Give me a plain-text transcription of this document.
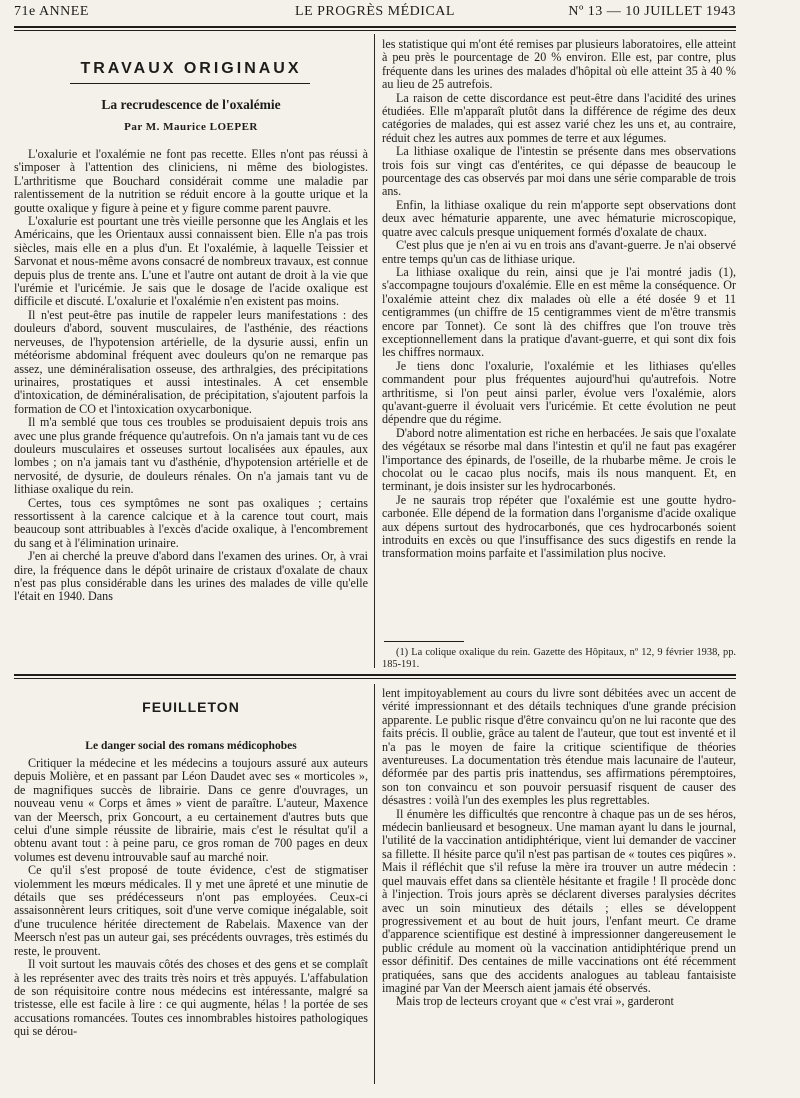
LE PROGRÈS MÉDICAL
71e ANNEE	Nº 13 — 10 JUILLET 1943
TRAVAUX ORIGINAUX
La recrudescence de l'oxalémie
Par M. Maurice LOEPER

L'oxalurie et l'oxalémie ne font pas recette. Elles n'ont pas réussi à s'imposer à l'attention des cliniciens, ni même des biologistes. L'arthritisme que Bouchard considérait comme une maladie par ralentissement de la nutrition se réduit encore à la goutte urique et la goutte oxalique y figure à peine et y figure comme parent pauvre.

L'oxalurie est pourtant une très vieille personne que les Anglais et les Américains, que les Orientaux aussi connaissent bien. Elle n'a pas trois siècles, mais elle en a plus d'un. Et l'oxalémie, à laquelle Teissier et Sarvonat et nous-même avons consacré de nombreux travaux, est connue depuis plus de trente ans. L'une et l'autre ont autant de droit à la vie que l'urémie et l'uricémie. Je sais que le dosage de l'acide oxalique est difficile et discuté. L'oxalurie et l'oxalémie n'en existent pas moins.

Il n'est peut-être pas inutile de rappeler leurs manifestations : des douleurs d'abord, souvent musculaires, de l'asthénie, des réactions nerveuses, de l'hypotension artérielle, de la dysurie aussi, enfin un météorisme abdominal fréquent avec douleurs qu'on ne remarque pas assez, une déminéralisation osseuse, des arthralgies, des précipitations urinaires, prostatiques et aussi intestinales. A cet ensemble d'intoxication, de déminéralisation, de précipitation, s'ajoutent parfois la formation de CO et l'intoxication oxycarbonique.

Il m'a semblé que tous ces troubles se produisaient depuis trois ans avec une plus grande fréquence qu'autrefois. On n'a jamais tant vu de ces douleurs musculaires et osseuses surtout localisées aux épaules, aux lombes ; on n'a jamais tant vu d'asthénie, d'hypotension artérielle et de nervosité, de dysurie, de douleurs rénales. On n'a jamais tant vu de lithiase oxalique du rein.

Certes, tous ces symptômes ne sont pas oxaliques ; certains ressortissent à la carence calcique et à la carence tout court, mais beaucoup sont attribuables à l'excès d'acide oxalique, à l'encombrement du sang et à l'élimination urinaire.

J'en ai cherché la preuve d'abord dans l'examen des urines. Or, à vrai dire, la fréquence dans le dépôt urinaire de cristaux d'oxalate de chaux n'est pas plus considérable dans les urines des malades de ville qu'elle l'était en 1940. Dans

les statistique qui m'ont été remises par plusieurs laboratoires, elle atteint à peu près le pourcentage de 20 % environ. Elle est, par contre, plus fréquente dans les urines des malades d'hôpital où elle atteint 35 à 40 % au lieu de 25 autrefois.

La raison de cette discordance est peut-être dans l'acidité des urines étudiées. Elle m'apparaît plutôt dans la différence de régime des deux catégories de malades, qui est assez varié chez les uns et, au contraire, réduit chez les autres aux pommes de terre et aux légumes.

La lithiase oxalique de l'intestin se présente dans mes observations trois fois sur vingt cas d'entérites, ce qui dépasse de beaucoup le pourcentage des cas observés par moi dans une série comparable de trois ans.

Enfin, la lithiase oxalique du rein m'apporte sept observations dont deux avec hématurie apparente, une avec hématurie microscopique, quatre avec calculs presque uniquement formés d'oxalate de chaux.

C'est plus que je n'en ai vu en trois ans d'avant-guerre. Je n'ai observé entre temps qu'un cas de lithiase urique.

La lithiase oxalique du rein, ainsi que je l'ai montré jadis (1), s'accompagne toujours d'oxalémie. Elle en est même la conséquence. Or l'oxalémie atteint chez dix malades où elle a été dosée 9 et 11 centigrammes (un chiffre de 15 centigrammes vient de m'être transmis encore par Tonnet). Ce sont là des chiffres que l'on trouve très exceptionnellement dans la pratique d'avant-guerre, et qui sont dix fois les chiffres normaux.

Je tiens donc l'oxalurie, l'oxalémie et les lithiases qu'elles commandent pour plus fréquentes aujourd'hui qu'autrefois. Notre arthritisme, si l'on peut ainsi parler, évolue vers l'oxalémie, alors qu'avant-guerre il évoluait vers l'uricémie. Et cette évolution ne peut dépendre que du régime.

D'abord notre alimentation est riche en herbacées. Je sais que l'oxalate des végétaux se résorbe mal dans l'intestin et qu'il ne faut pas exagérer l'importance des épinards, de l'oseille, de la rhubarbe même. Je crois le chocolat ou le cacao plus nocifs, mais ils nous manquent. Et, en terminant, je dois insister sur les hydrocarbonés.

Je ne saurais trop répéter que l'oxalémie est une goutte hydro-carbonée. Elle dépend de la formation dans l'organisme d'acide oxalique aux dépens surtout des hydrocarbonés, que ces hydrocarbonés soient introduits en excès ou que l'insuffisance des sucs digestifs en rende la transformation moins parfaite et l'assimilation plus nocive.

(1) La colique oxalique du rein. Gazette des Hôpitaux, nº 12, 9 février 1938, pp. 185-191.
FEUILLETON
Le danger social des romans médicophobes

Critiquer la médecine et les médecins a toujours assuré aux auteurs depuis Molière, et en passant par Léon Daudet avec ses « morticoles », de magnifiques succès de librairie. Dans ce genre d'ouvrages, un nouveau venu « Corps et âmes » vient de paraître. L'auteur, Maxence van der Meersch, prix Goncourt, a eu certainement d'autres buts que celui d'une simple réussite de librairie, mais c'est le résultat qu'il a obtenu avant tout : à peine paru, ce gros roman de 700 pages en deux volumes est devenu introuvable sauf au marché noir.

Ce qu'il s'est proposé de toute évidence, c'est de stigmatiser violemment les mœurs médicales. Il y met une âpreté et une minutie de détails que ses prédécesseurs n'ont pas employées. Ceux-ci assaisonnèrent leurs critiques, soit d'une verve comique inégalable, soit d'une truculence héritée directement de Rabelais. Maxence van der Meersch n'est pas un auteur gai, ses précédents ouvrages, très estimés du reste, le prouvent.

Il voit surtout les mauvais côtés des choses et des gens et se complaît à les représenter avec des traits très noirs et très appuyés. L'affabulation de son réquisitoire contre nous médecins est intéressante, malgré sa tristesse, elle est facile à lire : ce qui augmente, hélas ! la portée de ses accusations romancées. Toutes ces innombrables histoires pathologiques qui se dérou-

lent impitoyablement au cours du livre sont débitées avec un accent de vérité impressionnant et des détails techniques d'une grande précision apparente. Le public risque d'être convaincu qu'on ne lui raconte que des faits précis. Il oublie, grâce au talent de l'auteur, que tout est inventé et il n'a pas le moyen de faire la critique scientifique de théories aventureuses. La documentation très étendue mais lacunaire de l'auteur, déformée par des partis pris inattendus, ses affirmations péremptoires, son ton convaincu et son pouvoir persuasif risquent de causer des désastres : voilà l'un des exemples les plus regrettables.

Il énumère les difficultés que rencontre à chaque pas un de ses héros, médecin banlieusard et besogneux. Une maman ayant lu dans le journal, l'utilité de la vaccination antidiphtérique, vient lui demander de vacciner sa fillette. Il hésite parce qu'il n'est pas partisan de « toutes ces piqûres ». Mais il réfléchit que s'il refuse la mère ira trouver un autre médecin : quel mauvais effet dans sa clientèle hésitante et fragile ! Il procède donc à l'injection. Trois jours après se déclarent diverses paralysies décrites avec un soin minutieux des détails ; elles se développent progressivement et au bout de huit jours, l'enfant meurt. Ce drame d'apparence scientifique est destiné à impressionner dangereusement le public crédule au moment où la vaccination antidiphtérique prend un essor définitif. Des centaines de mille vaccinations ont été récemment pratiquées, sans que des accidents analogues au tableau fantaisiste imaginé par Van der Meersch aient jamais été observés.

Mais trop de lecteurs croyant que « c'est vrai », garderont
